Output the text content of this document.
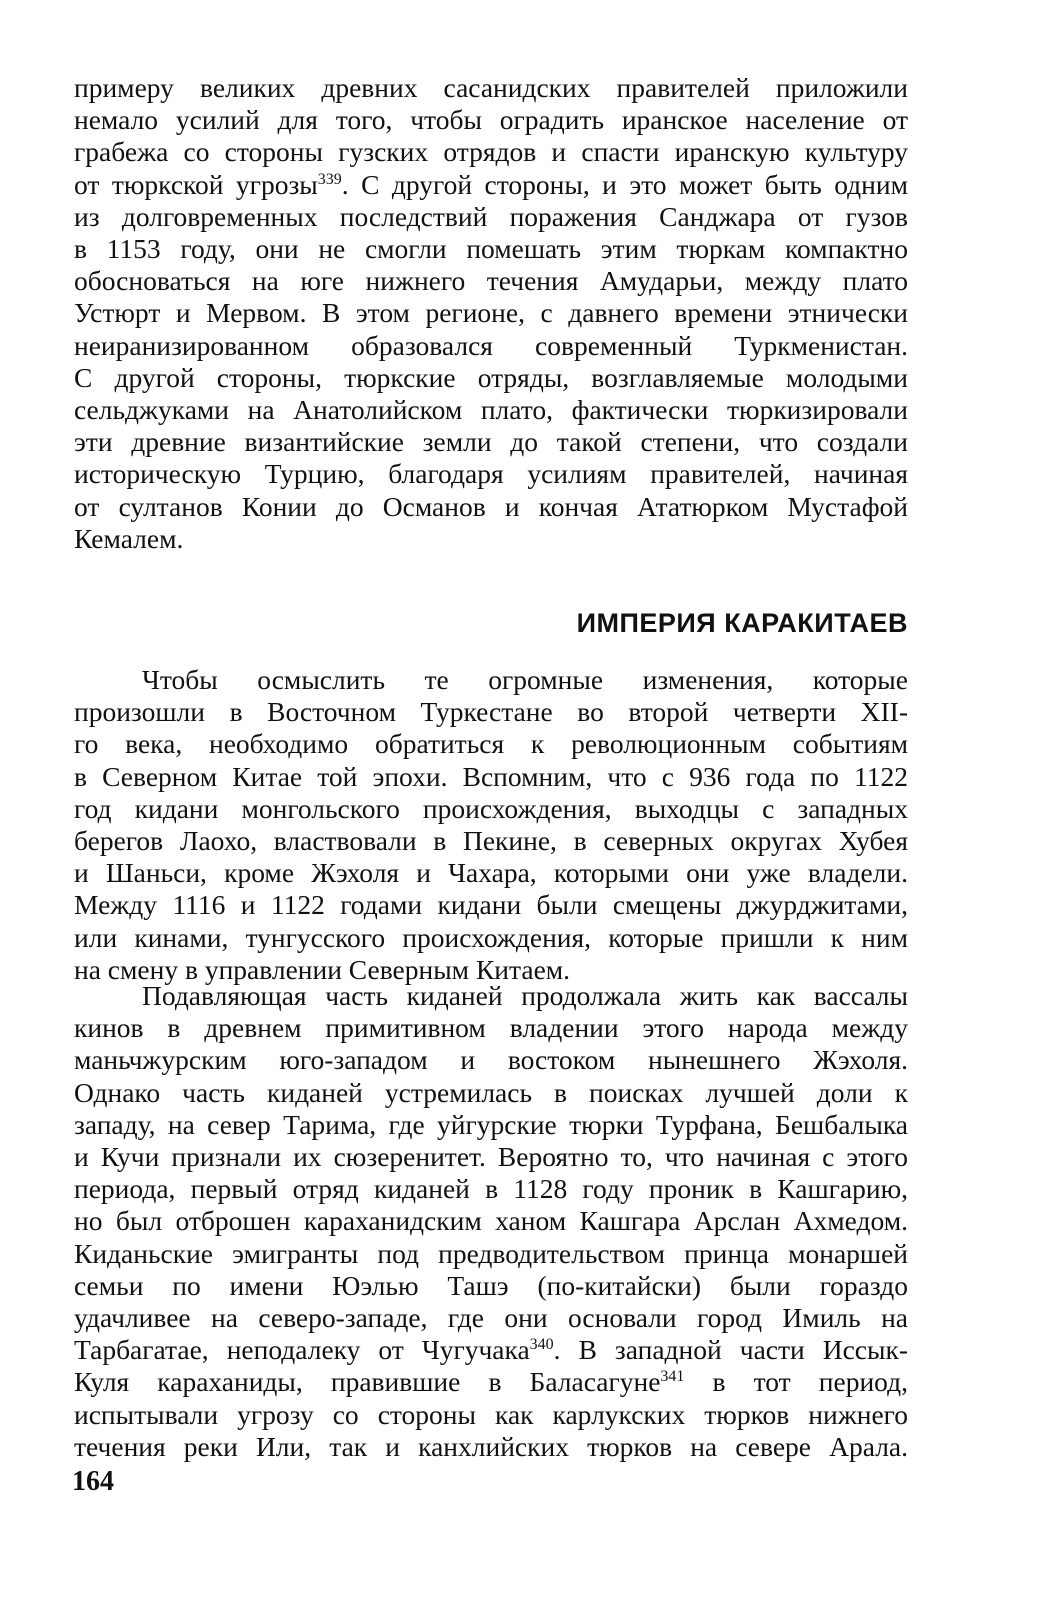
примеру великих древних сасанидских правителей приложили
немало усилий для того, чтобы оградить иранское население от
грабежа со стороны гузских отрядов и спасти иранскую культуру
от тюркской угрозы$^{339}$. С другой стороны, и это может быть одним
из долговременных последствий поражения Санджара от гузов
в 1153 году, они не смогли помешать этим тюркам компактно
обосноваться на юге нижнего течения Амударьи, между плато
Устюрт и Мервом. В этом регионе, с давнего времени этнически
неиранизированном образовался современный Туркменистан.
С другой стороны, тюркские отряды, возглавляемые молодыми
сельджуками на Анатолийском плато, фактически тюркизировали
эти древние византийские земли до такой степени, что создали
историческую Турцию, благодаря усилиям правителей, начиная
от султанов Конии до Османов и кончая Ататюрком Мустафой
Кемалем.
ИМПЕРИЯ КАРАКИТАЕВ
Чтобы осмыслить те огромные изменения, которые
произошли в Восточном Туркестане во второй четверти XII-
го века, необходимо обратиться к революционным событиям
в Северном Китае той эпохи. Вспомним, что с 936 года по 1122
год кидани монгольского происхождения, выходцы с западных
берегов Лаохо, властвовали в Пекине, в северных округах Хубея
и Шаньси, кроме Жэхоля и Чахара, которыми они уже владели.
Между 1116 и 1122 годами кидани были смещены джурджитами,
или кинами, тунгусского происхождения, которые пришли к ним
на смену в управлении Северным Китаем.
Подавляющая часть киданей продолжала жить как вассалы
кинов в древнем примитивном владении этого народа между
маньчжурским юго-западом и востоком нынешнего Жэхоля.
Однако часть киданей устремилась в поисках лучшей доли к
западу, на север Тарима, где уйгурские тюрки Турфана, Бешбалыка
и Кучи признали их сюзеренитет. Вероятно то, что начиная с этого
периода, первый отряд киданей в 1128 году проник в Кашгарию,
но был отброшен караханидским ханом Кашгара Арслан Ахмедом.
Киданьские эмигранты под предводительством принца монаршей
семьи по имени Юэлью Ташэ (по-китайски) были гораздо
удачливее на северо-западе, где они основали город Имиль на
Тарбагатае, неподалеку от Чугучака$^{340}$. В западной части Иссык-
Куля караханиды, правившие в Баласагуне$^{341}$ в тот период,
испытывали угрозу со стороны как карлукских тюрков нижнего
течения реки Или, так и канхлийских тюрков на севере Арала.
164
